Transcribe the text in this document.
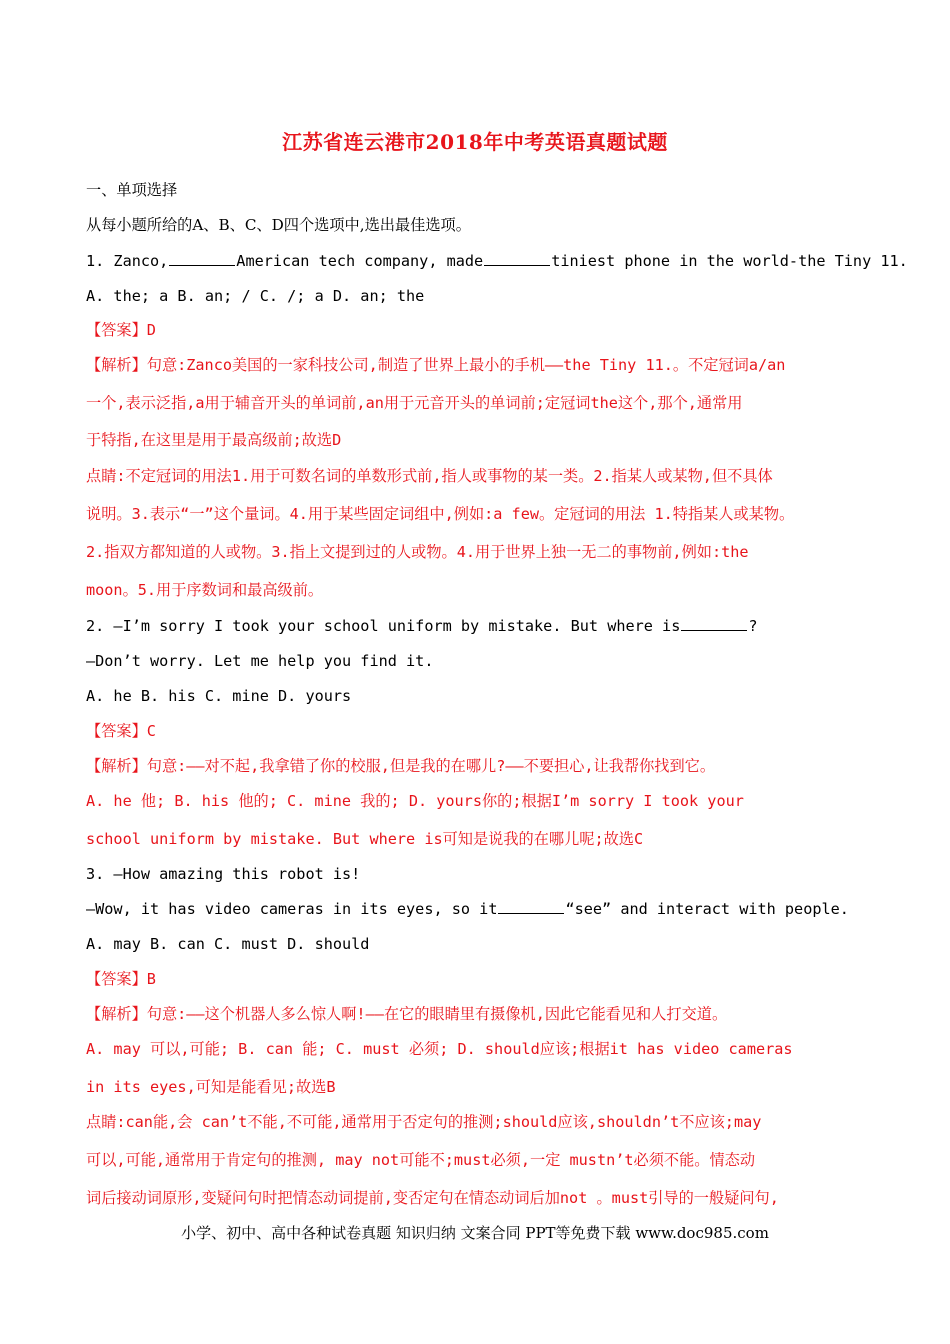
江苏省连云港市2018年中考英语真题试题
一、单项选择
从每小题所给的A、B、C、D四个选项中,选出最佳选项。
1. Zanco,	American tech company, made	tiniest phone in the world-the Tiny 11.
A. the; a B. an; / C. /; a D. an; the
【答案】D
【解析】句意:Zanco美国的一家科技公司,制造了世界上最小的手机——the Tiny 11.。不定冠词a/an
一个,表示泛指,a用于辅音开头的单词前,an用于元音开头的单词前;定冠词the这个,那个,通常用
于特指,在这里是用于最高级前;故选D
点睛:不定冠词的用法1.用于可数名词的单数形式前,指人或事物的某一类。2.指某人或某物,但不具体
说明。3.表示“一”这个量词。4.用于某些固定词组中,例如:a few。定冠词的用法 1.特指某人或某物。
2.指双方都知道的人或物。3.指上文提到过的人或物。4.用于世界上独一无二的事物前,例如:the
moon。5.用于序数词和最高级前。
2. —I’m sorry I took your school uniform by mistake. But where is	?
—Don’t worry. Let me help you find it.
A. he B. his C. mine D. yours
【答案】C
【解析】句意:——对不起,我拿错了你的校服,但是我的在哪儿?——不要担心,让我帮你找到它。
A. he 他; B. his 他的; C. mine 我的; D. yours你的;根据I’m sorry I took your
school uniform by mistake. But where is可知是说我的在哪儿呢;故选C
3. —How amazing this robot is!
—Wow, it has video cameras in its eyes, so it	“see” and interact with people.
A. may B. can C. must D. should
【答案】B
【解析】句意:——这个机器人多么惊人啊!——在它的眼睛里有摄像机,因此它能看见和人打交道。
A. may 可以,可能; B. can 能; C. must 必须; D. should应该;根据it has video cameras
in its eyes,可知是能看见;故选B
点睛:can能,会 can’t不能,不可能,通常用于否定句的推测;should应该,shouldn’t不应该;may
可以,可能,通常用于肯定句的推测, may not可能不;must必须,一定 mustn’t必须不能。情态动
词后接动词原形,变疑问句时把情态动词提前,变否定句在情态动词后加not 。must引导的一般疑问句,
小学、初中、高中各种试卷真题 知识归纳 文案合同 PPT等免费下载 www.doc985.com
